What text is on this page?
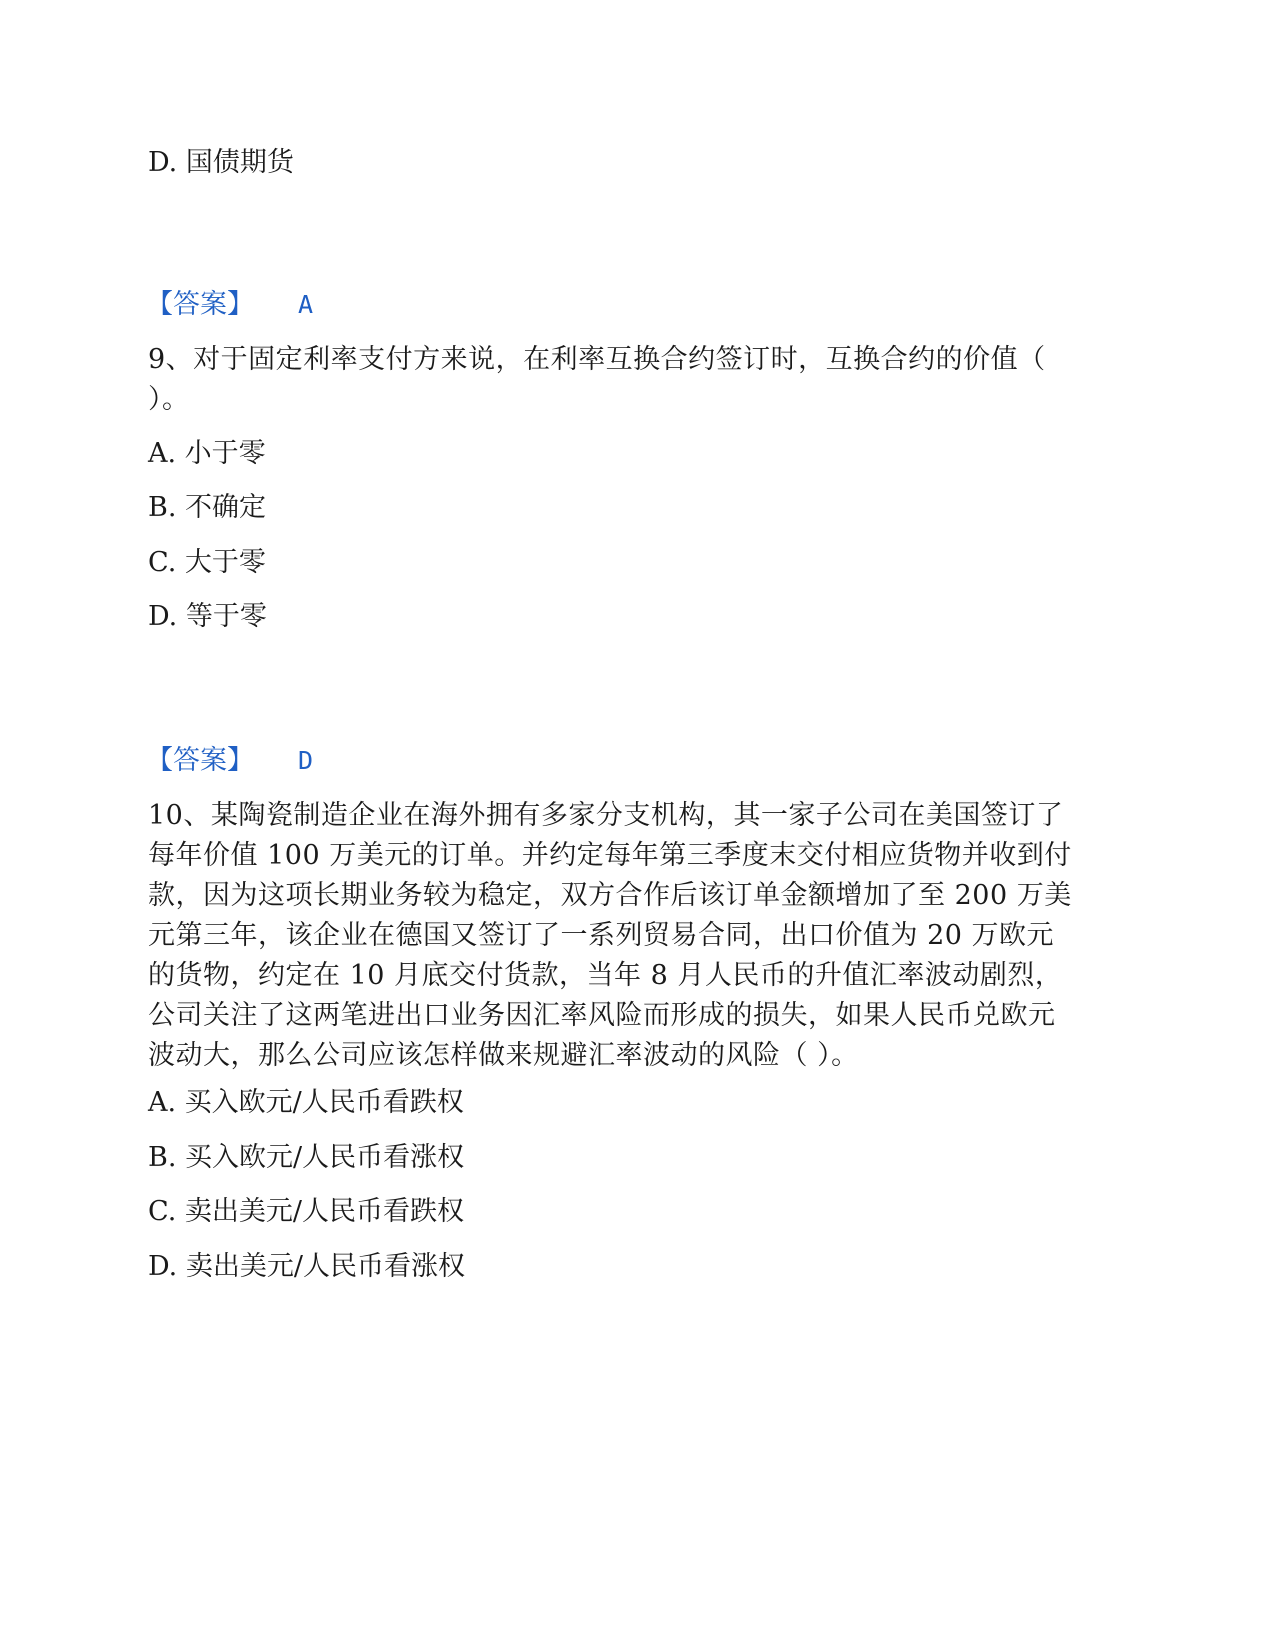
D. 国债期货
【答案】 A
9、对于固定利率支付方来说，在利率互换合约签订时，互换合约的价值（
）。
A. 小于零
B. 不确定
C. 大于零
D. 等于零
【答案】 D
10、某陶瓷制造企业在海外拥有多家分支机构，其一家子公司在美国签订了
每年价值 100 万美元的订单。并约定每年第三季度末交付相应货物并收到付
款，因为这项长期业务较为稳定，双方合作后该订单金额增加了至 200 万美
元第三年，该企业在德国又签订了一系列贸易合同，出口价值为 20 万欧元
的货物，约定在 10 月底交付货款，当年 8 月人民币的升值汇率波动剧烈，
公司关注了这两笔进出口业务因汇率风险而形成的损失，如果人民币兑欧元
波动大，那么公司应该怎样做来规避汇率波动的风险（ ）。
A. 买入欧元/人民币看跌权
B. 买入欧元/人民币看涨权
C. 卖出美元/人民币看跌权
D. 卖出美元/人民币看涨权
